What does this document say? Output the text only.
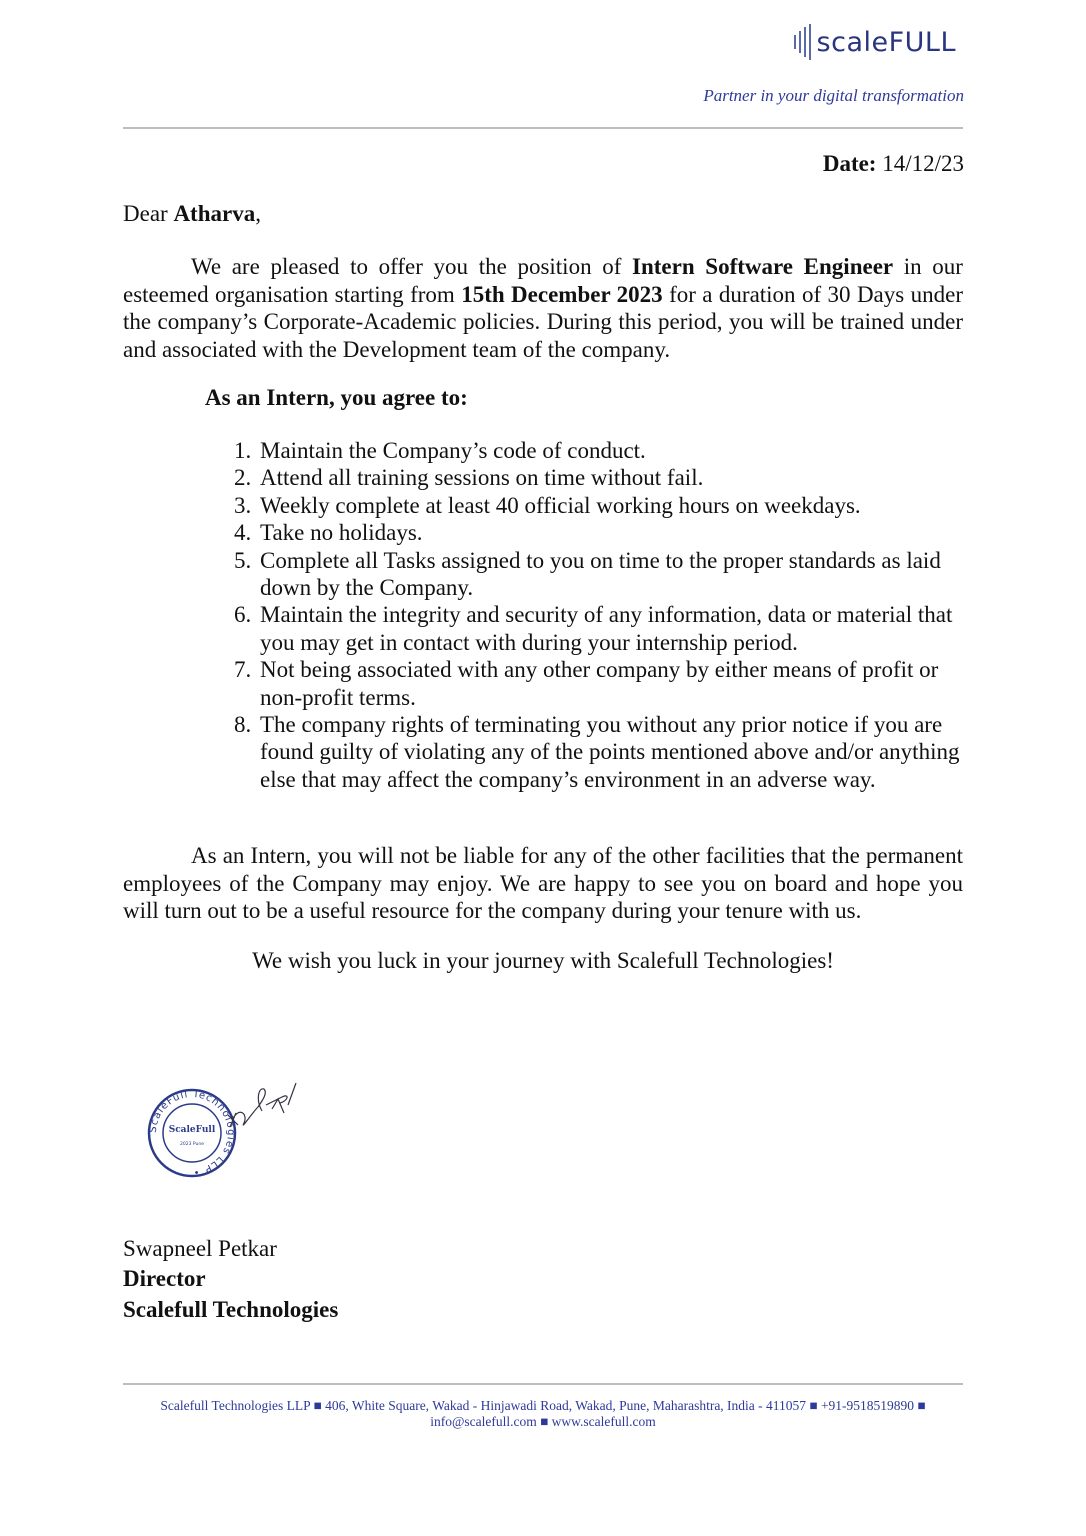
scaleFULL
Partner in your digital transformation
Date: 14/12/23
Dear Atharva,

We are pleased to offer you the position of Intern Software Engineer in our esteemed organisation starting from 15th December 2023 for a duration of 30 Days under the company’s Corporate-Academic policies. During this period, you will be trained under and associated with the Development team of the company.

As an Intern, you agree to:
1. Maintain the Company’s code of conduct.
2. Attend all training sessions on time without fail.
3. Weekly complete at least 40 official working hours on weekdays.
4. Take no holidays.
5. Complete all Tasks assigned to you on time to the proper standards as laid down by the Company.
6. Maintain the integrity and security of any information, data or material that you may get in contact with during your internship period.
7. Not being associated with any other company by either means of profit or non-profit terms.
8. The company rights of terminating you without any prior notice if you are found guilty of violating any of the points mentioned above and/or anything else that may affect the company’s environment in an adverse way.

As an Intern, you will not be liable for any of the other facilities that the permanent employees of the Company may enjoy. We are happy to see you on board and hope you will turn out to be a useful resource for the company during your tenure with us.

We wish you luck in your journey with Scalefull Technologies!
ScaleFull Technologies LLP •
ScaleFull
2023 Pune
Swapneel Petkar
Director
Scalefull Technologies
Scalefull Technologies LLP ■ 406, White Square, Wakad - Hinjawadi Road, Wakad, Pune, Maharashtra, India - 411057 ■ +91-9518519890 ■
info@scalefull.com ■ www.scalefull.com
